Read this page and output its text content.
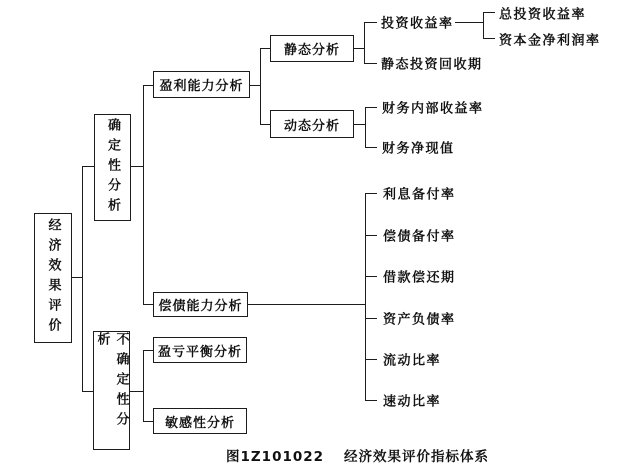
经济效果评价
确定性分析
不确定性分析
盈利能力分析
偿债能力分析
盈亏平衡分析
敏感性分析
静态分析
动态分析
投资收益率
静态投资回收期
总投资收益率
资本金净利润率
财务内部收益率
财务净现值
利息备付率
偿债备付率
借款偿还期
资产负债率
流动比率
速动比率
图1Z101022 经济效果评价指标体系
